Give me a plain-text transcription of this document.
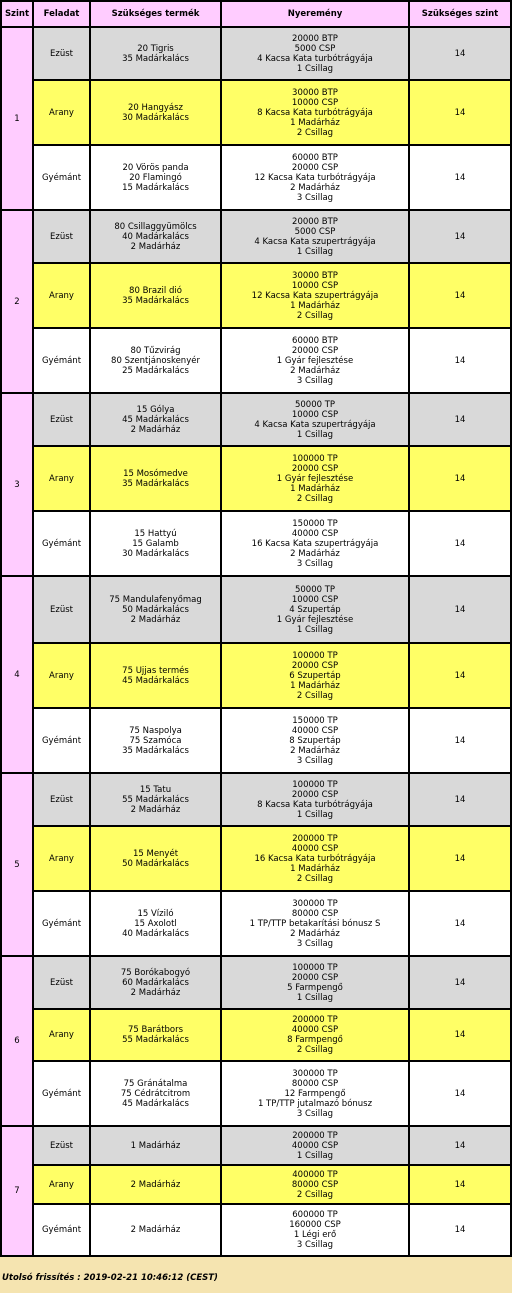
Szint	Feladat	Szükséges termék	Nyeremény	Szükséges szint
1	Ezüst	20 Tigris
35 Madárkalács	20000 BTP
5000 CSP
4 Kacsa Kata turbótrágyája
1 Csillag	14
	Arany	20 Hangyász
30 Madárkalács	30000 BTP
10000 CSP
8 Kacsa Kata turbótrágyája
1 Madárház
2 Csillag	14
	Gyémánt	20 Vörös panda
20 Flamingó
15 Madárkalács	60000 BTP
20000 CSP
12 Kacsa Kata turbótrágyája
2 Madárház
3 Csillag	14
2	Ezüst	80 Csillaggyümölcs
40 Madárkalács
2 Madárház	20000 BTP
5000 CSP
4 Kacsa Kata szupertrágyája
1 Csillag	14
	Arany	80 Brazil dió
35 Madárkalács	30000 BTP
10000 CSP
12 Kacsa Kata szupertrágyája
1 Madárház
2 Csillag	14
	Gyémánt	80 Tűzvirág
80 Szentjánoskenyér
25 Madárkalács	60000 BTP
20000 CSP
1 Gyár fejlesztése
2 Madárház
3 Csillag	14
3	Ezüst	15 Gólya
45 Madárkalács
2 Madárház	50000 TP
10000 CSP
4 Kacsa Kata szupertrágyája
1 Csillag	14
	Arany	15 Mosómedve
35 Madárkalács	100000 TP
20000 CSP
1 Gyár fejlesztése
1 Madárház
2 Csillag	14
	Gyémánt	15 Hattyú
15 Galamb
30 Madárkalács	150000 TP
40000 CSP
16 Kacsa Kata szupertrágyája
2 Madárház
3 Csillag	14
4	Ezüst	75 Mandulafenyőmag
50 Madárkalács
2 Madárház	50000 TP
10000 CSP
4 Szupertáp
1 Gyár fejlesztése
1 Csillag	14
	Arany	75 Ujjas termés
45 Madárkalács	100000 TP
20000 CSP
6 Szupertáp
1 Madárház
2 Csillag	14
	Gyémánt	75 Naspolya
75 Szamóca
35 Madárkalács	150000 TP
40000 CSP
8 Szupertáp
2 Madárház
3 Csillag	14
5	Ezüst	15 Tatu
55 Madárkalács
2 Madárház	100000 TP
20000 CSP
8 Kacsa Kata turbótrágyája
1 Csillag	14
	Arany	15 Menyét
50 Madárkalács	200000 TP
40000 CSP
16 Kacsa Kata turbótrágyája
1 Madárház
2 Csillag	14
	Gyémánt	15 Víziló
15 Axolotl
40 Madárkalács	300000 TP
80000 CSP
1 TP/TTP betakarítási bónusz S
2 Madárház
3 Csillag	14
6	Ezüst	75 Borókabogyó
60 Madárkalács
2 Madárház	100000 TP
20000 CSP
5 Farmpengő
1 Csillag	14
	Arany	75 Barátbors
55 Madárkalács	200000 TP
40000 CSP
8 Farmpengő
2 Csillag	14
	Gyémánt	75 Gránátalma
75 Cédrátcitrom
45 Madárkalács	300000 TP
80000 CSP
12 Farmpengő
1 TP/TTP jutalmazó bónusz
3 Csillag	14
7	Ezüst	1 Madárház	200000 TP
40000 CSP
1 Csillag	14
	Arany	2 Madárház	400000 TP
80000 CSP
2 Csillag	14
	Gyémánt	2 Madárház	600000 TP
160000 CSP
1 Légi erő
3 Csillag	14
Utolsó frissítés : 2019-02-21 10:46:12 (CEST)
